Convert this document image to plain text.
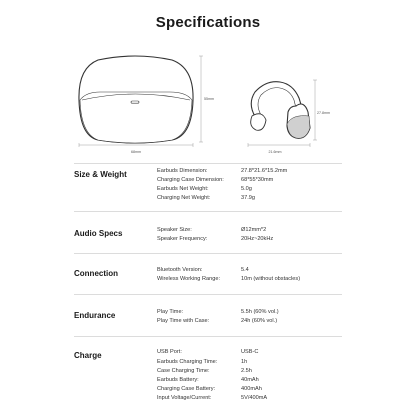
Specifications
68mm
55mm
21.6mm
27.8mm
Size & Weight	Earbuds Dimension:	27.8*21.6*15.2mm
Charging Case Dimension:	68*55*30mm
Earbuds Net Weight:	5.0g
Charging Net Weight:	37.9g
Audio Specs	Speaker Size:	Ø12mm*2
Speaker Frequency:	20Hz~20kHz
Connection	Bluetooth Version:	5.4
Wireless Working Range:	10m (without obstacles)
Endurance	Play Time:	5.5h (60% vol.)
Play Time with Case:	24h (60% vol.)
Charge	USB Port:	USB-C
Earbuds Charging Time:	1h
Case Charging Time:	2.5h
Earbuds Battery:	40mAh
Charging Case Battery:	400mAh
Input Voltage/Current:	5V/400mA
